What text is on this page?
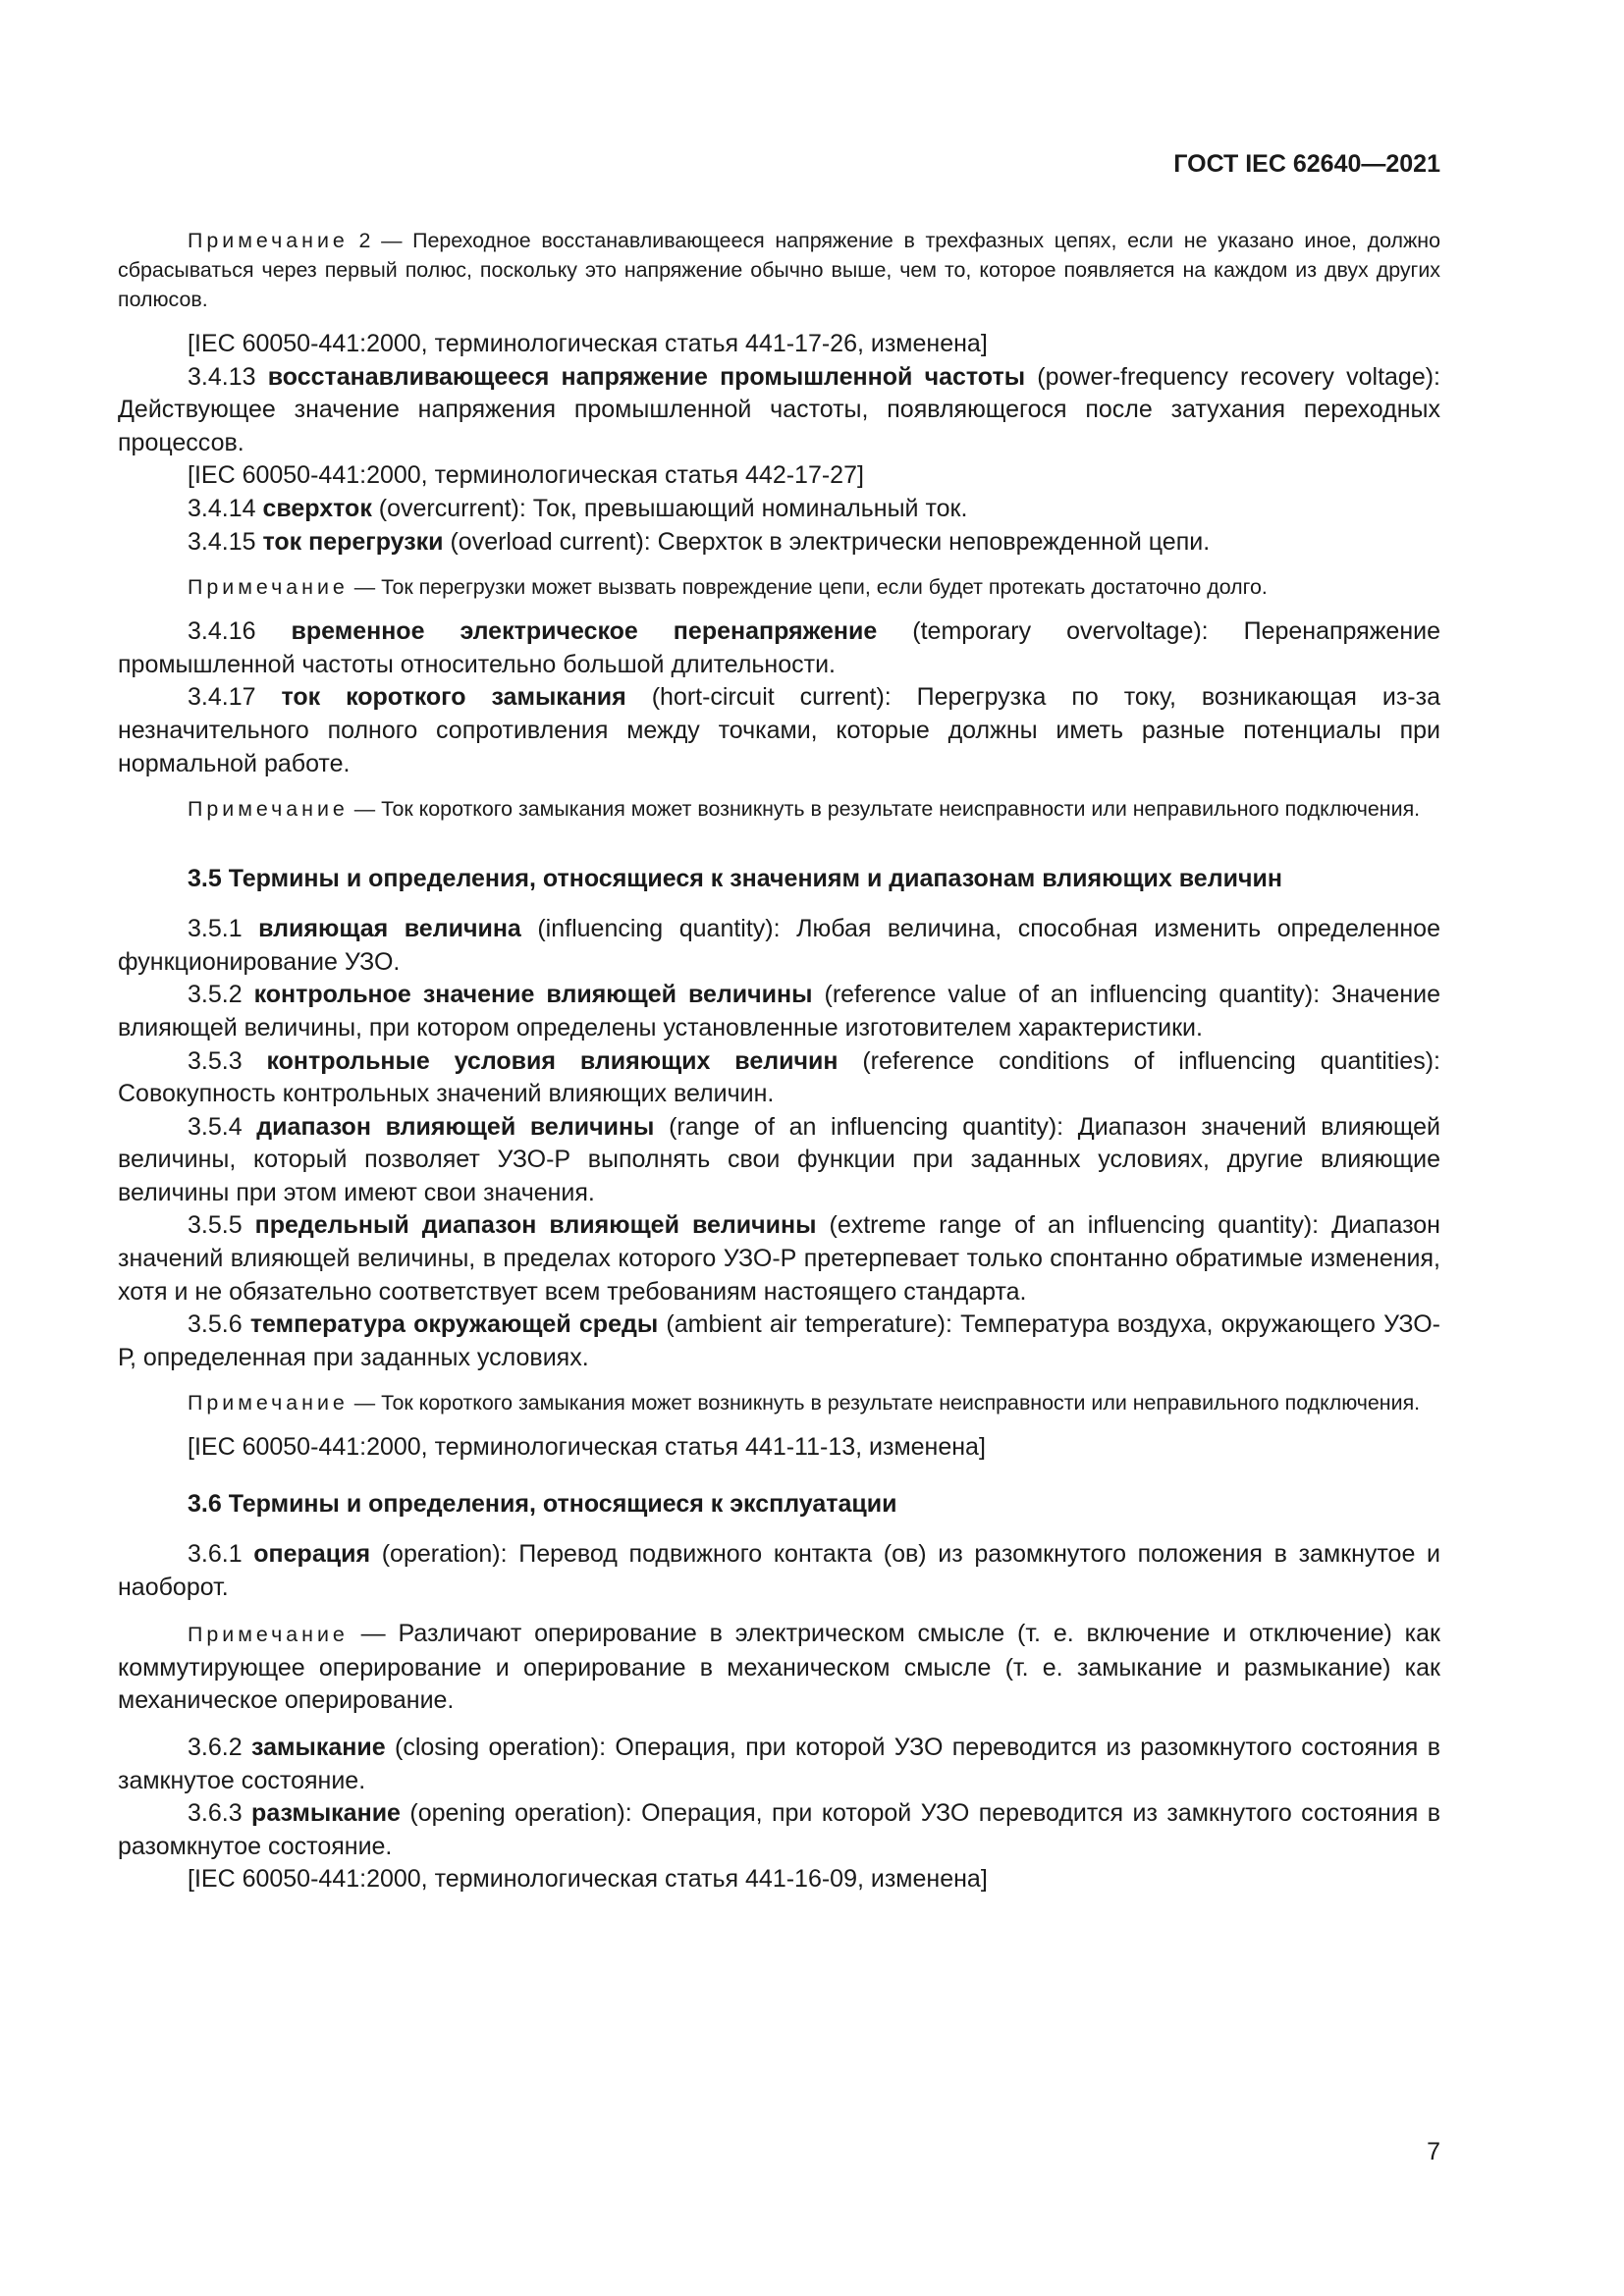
ГОСТ IEC 62640—2021

Примечание 2 — Переходное восстанавливающееся напряжение в трехфазных цепях, если не указано иное, должно сбрасываться через первый полюс, поскольку это напряжение обычно выше, чем то, которое появляется на каждом из двух других полюсов.

[IEC 60050-441:2000, терминологическая статья 441-17-26, изменена]

3.4.13 восстанавливающееся напряжение промышленной частоты (power-frequency recovery voltage): Действующее значение напряжения промышленной частоты, появляющегося после затухания переходных процессов.

[IEC 60050-441:2000, терминологическая статья 442-17-27]

3.4.14 сверхток (overcurrent): Ток, превышающий номинальный ток.

3.4.15 ток перегрузки (overload current): Сверхток в электрически неповрежденной цепи.

Примечание — Ток перегрузки может вызвать повреждение цепи, если будет протекать достаточно долго.

3.4.16 временное электрическое перенапряжение (temporary overvoltage): Перенапряжение промышленной частоты относительно большой длительности.

3.4.17 ток короткого замыкания (hort-circuit current): Перегрузка по току, возникающая из-за незначительного полного сопротивления между точками, которые должны иметь разные потенциалы при нормальной работе.

Примечание — Ток короткого замыкания может возникнуть в результате неисправности или неправильного подключения.

3.5 Термины и определения, относящиеся к значениям и диапазонам влияющих величин

3.5.1 влияющая величина (influencing quantity): Любая величина, способная изменить определенное функционирование УЗО.

3.5.2 контрольное значение влияющей величины (reference value of an influencing quantity): Значение влияющей величины, при котором определены установленные изготовителем характеристики.

3.5.3 контрольные условия влияющих величин (reference conditions of influencing quantities): Совокупность контрольных значений влияющих величин.

3.5.4 диапазон влияющей величины (range of an influencing quantity): Диапазон значений влияющей величины, который позволяет УЗО-Р выполнять свои функции при заданных условиях, другие влияющие величины при этом имеют свои значения.

3.5.5 предельный диапазон влияющей величины (extreme range of an influencing quantity): Диапазон значений влияющей величины, в пределах которого УЗО-Р претерпевает только спонтанно обратимые изменения, хотя и не обязательно соответствует всем требованиям настоящего стандарта.

3.5.6 температура окружающей среды (ambient air temperature): Температура воздуха, окружающего УЗО-Р, определенная при заданных условиях.

Примечание — Ток короткого замыкания может возникнуть в результате неисправности или неправильного подключения.

[IEC 60050-441:2000, терминологическая статья 441-11-13, изменена]

3.6 Термины и определения, относящиеся к эксплуатации

3.6.1 операция (operation): Перевод подвижного контакта (ов) из разомкнутого положения в замкнутое и наоборот.

Примечание — Различают оперирование в электрическом смысле (т. е. включение и отключение) как коммутирующее оперирование и оперирование в механическом смысле (т. е. замыкание и размыкание) как механическое оперирование.

3.6.2 замыкание (closing operation): Операция, при которой УЗО переводится из разомкнутого состояния в замкнутое состояние.

3.6.3 размыкание (opening operation): Операция, при которой УЗО переводится из замкнутого состояния в разомкнутое состояние.

[IEC 60050-441:2000, терминологическая статья 441-16-09, изменена]

7
